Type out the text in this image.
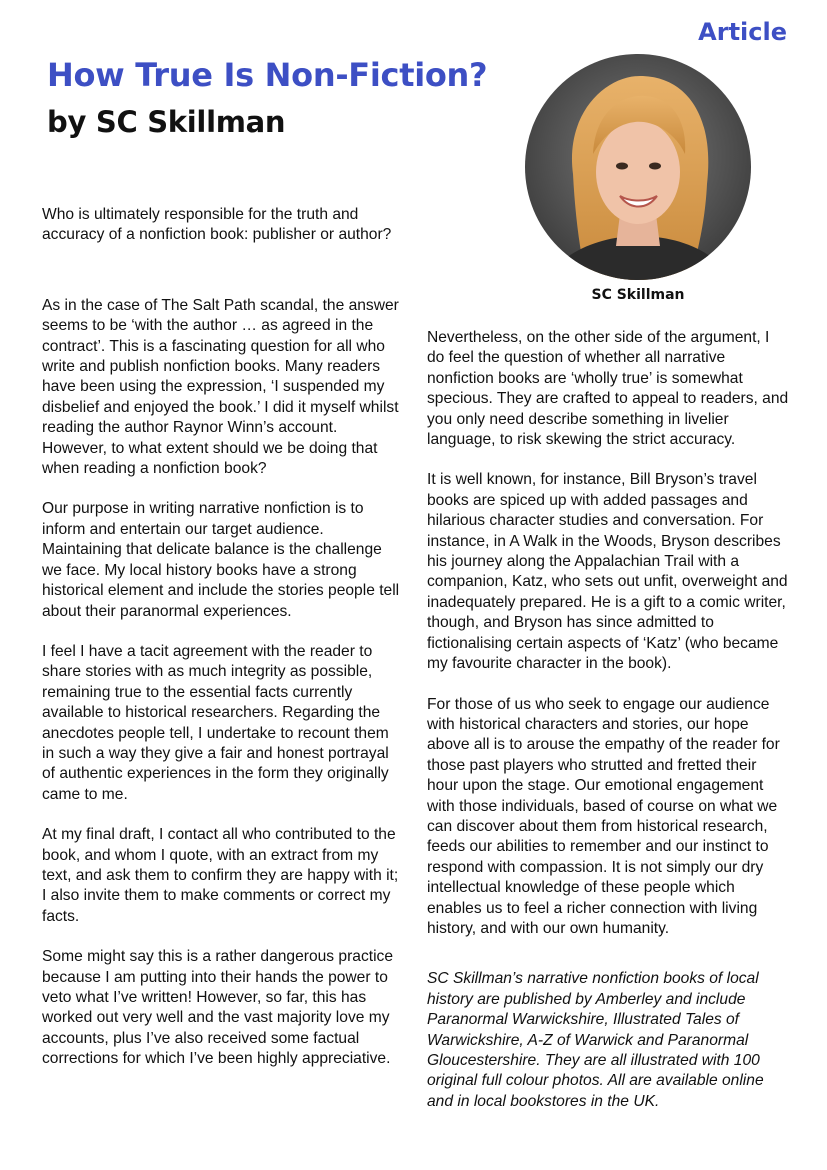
Article
How True Is Non-Fiction?
by SC Skillman
SC Skillman

Who is ultimately responsible for the truth and accuracy of a nonfiction book: publisher or author?

As in the case of The Salt Path scandal, the answer seems to be ‘with the author … as agreed in the contract’. This is a fascinating question for all who write and publish nonfiction books. Many readers have been using the expression, ‘I suspended my disbelief and enjoyed the book.’ I did it myself whilst reading the author Raynor Winn’s account. However, to what extent should we be doing that when reading a nonfiction book?

Our purpose in writing narrative nonfiction is to inform and entertain our target audience. Maintaining that delicate balance is the challenge we face. My local history books have a strong historical element and include the stories people tell about their paranormal experiences.

I feel I have a tacit agreement with the reader to share stories with as much integrity as possible, remaining true to the essential facts currently available to historical researchers. Regarding the anecdotes people tell, I undertake to recount them in such a way they give a fair and honest portrayal of authentic experiences in the form they originally came to me.

At my final draft, I contact all who contributed to the book, and whom I quote, with an extract from my text, and ask them to confirm they are happy with it; I also invite them to make comments or correct my facts.

Some might say this is a rather dangerous practice because I am putting into their hands the power to veto what I’ve written! However, so far, this has worked out very well and the vast majority love my accounts, plus I’ve also received some factual corrections for which I’ve been highly appreciative.

Nevertheless, on the other side of the argument, I do feel the question of whether all narrative nonfiction books are ‘wholly true’ is somewhat specious. They are crafted to appeal to readers, and you only need describe something in livelier language, to risk skewing the strict accuracy.

It is well known, for instance, Bill Bryson’s travel books are spiced up with added passages and hilarious character studies and conversation. For instance, in A Walk in the Woods, Bryson describes his journey along the Appalachian Trail with a companion, Katz, who sets out unfit, overweight and inadequately prepared. He is a gift to a comic writer, though, and Bryson has since admitted to fictionalising certain aspects of ‘Katz’ (who became my favourite character in the book).

For those of us who seek to engage our audience with historical characters and stories, our hope above all is to arouse the empathy of the reader for those past players who strutted and fretted their hour upon the stage. Our emotional engagement with those individuals, based of course on what we can discover about them from historical research, feeds our abilities to remember and our instinct to respond with compassion. It is not simply our dry intellectual knowledge of these people which enables us to feel a richer connection with living history, and with our own humanity.

SC Skillman’s narrative nonfiction books of local history are published by Amberley and include Paranormal Warwickshire, Illustrated Tales of Warwickshire, A-Z of Warwick and Paranormal Gloucestershire. They are all illustrated with 100 original full colour photos. All are available online and in local bookstores in the UK.
